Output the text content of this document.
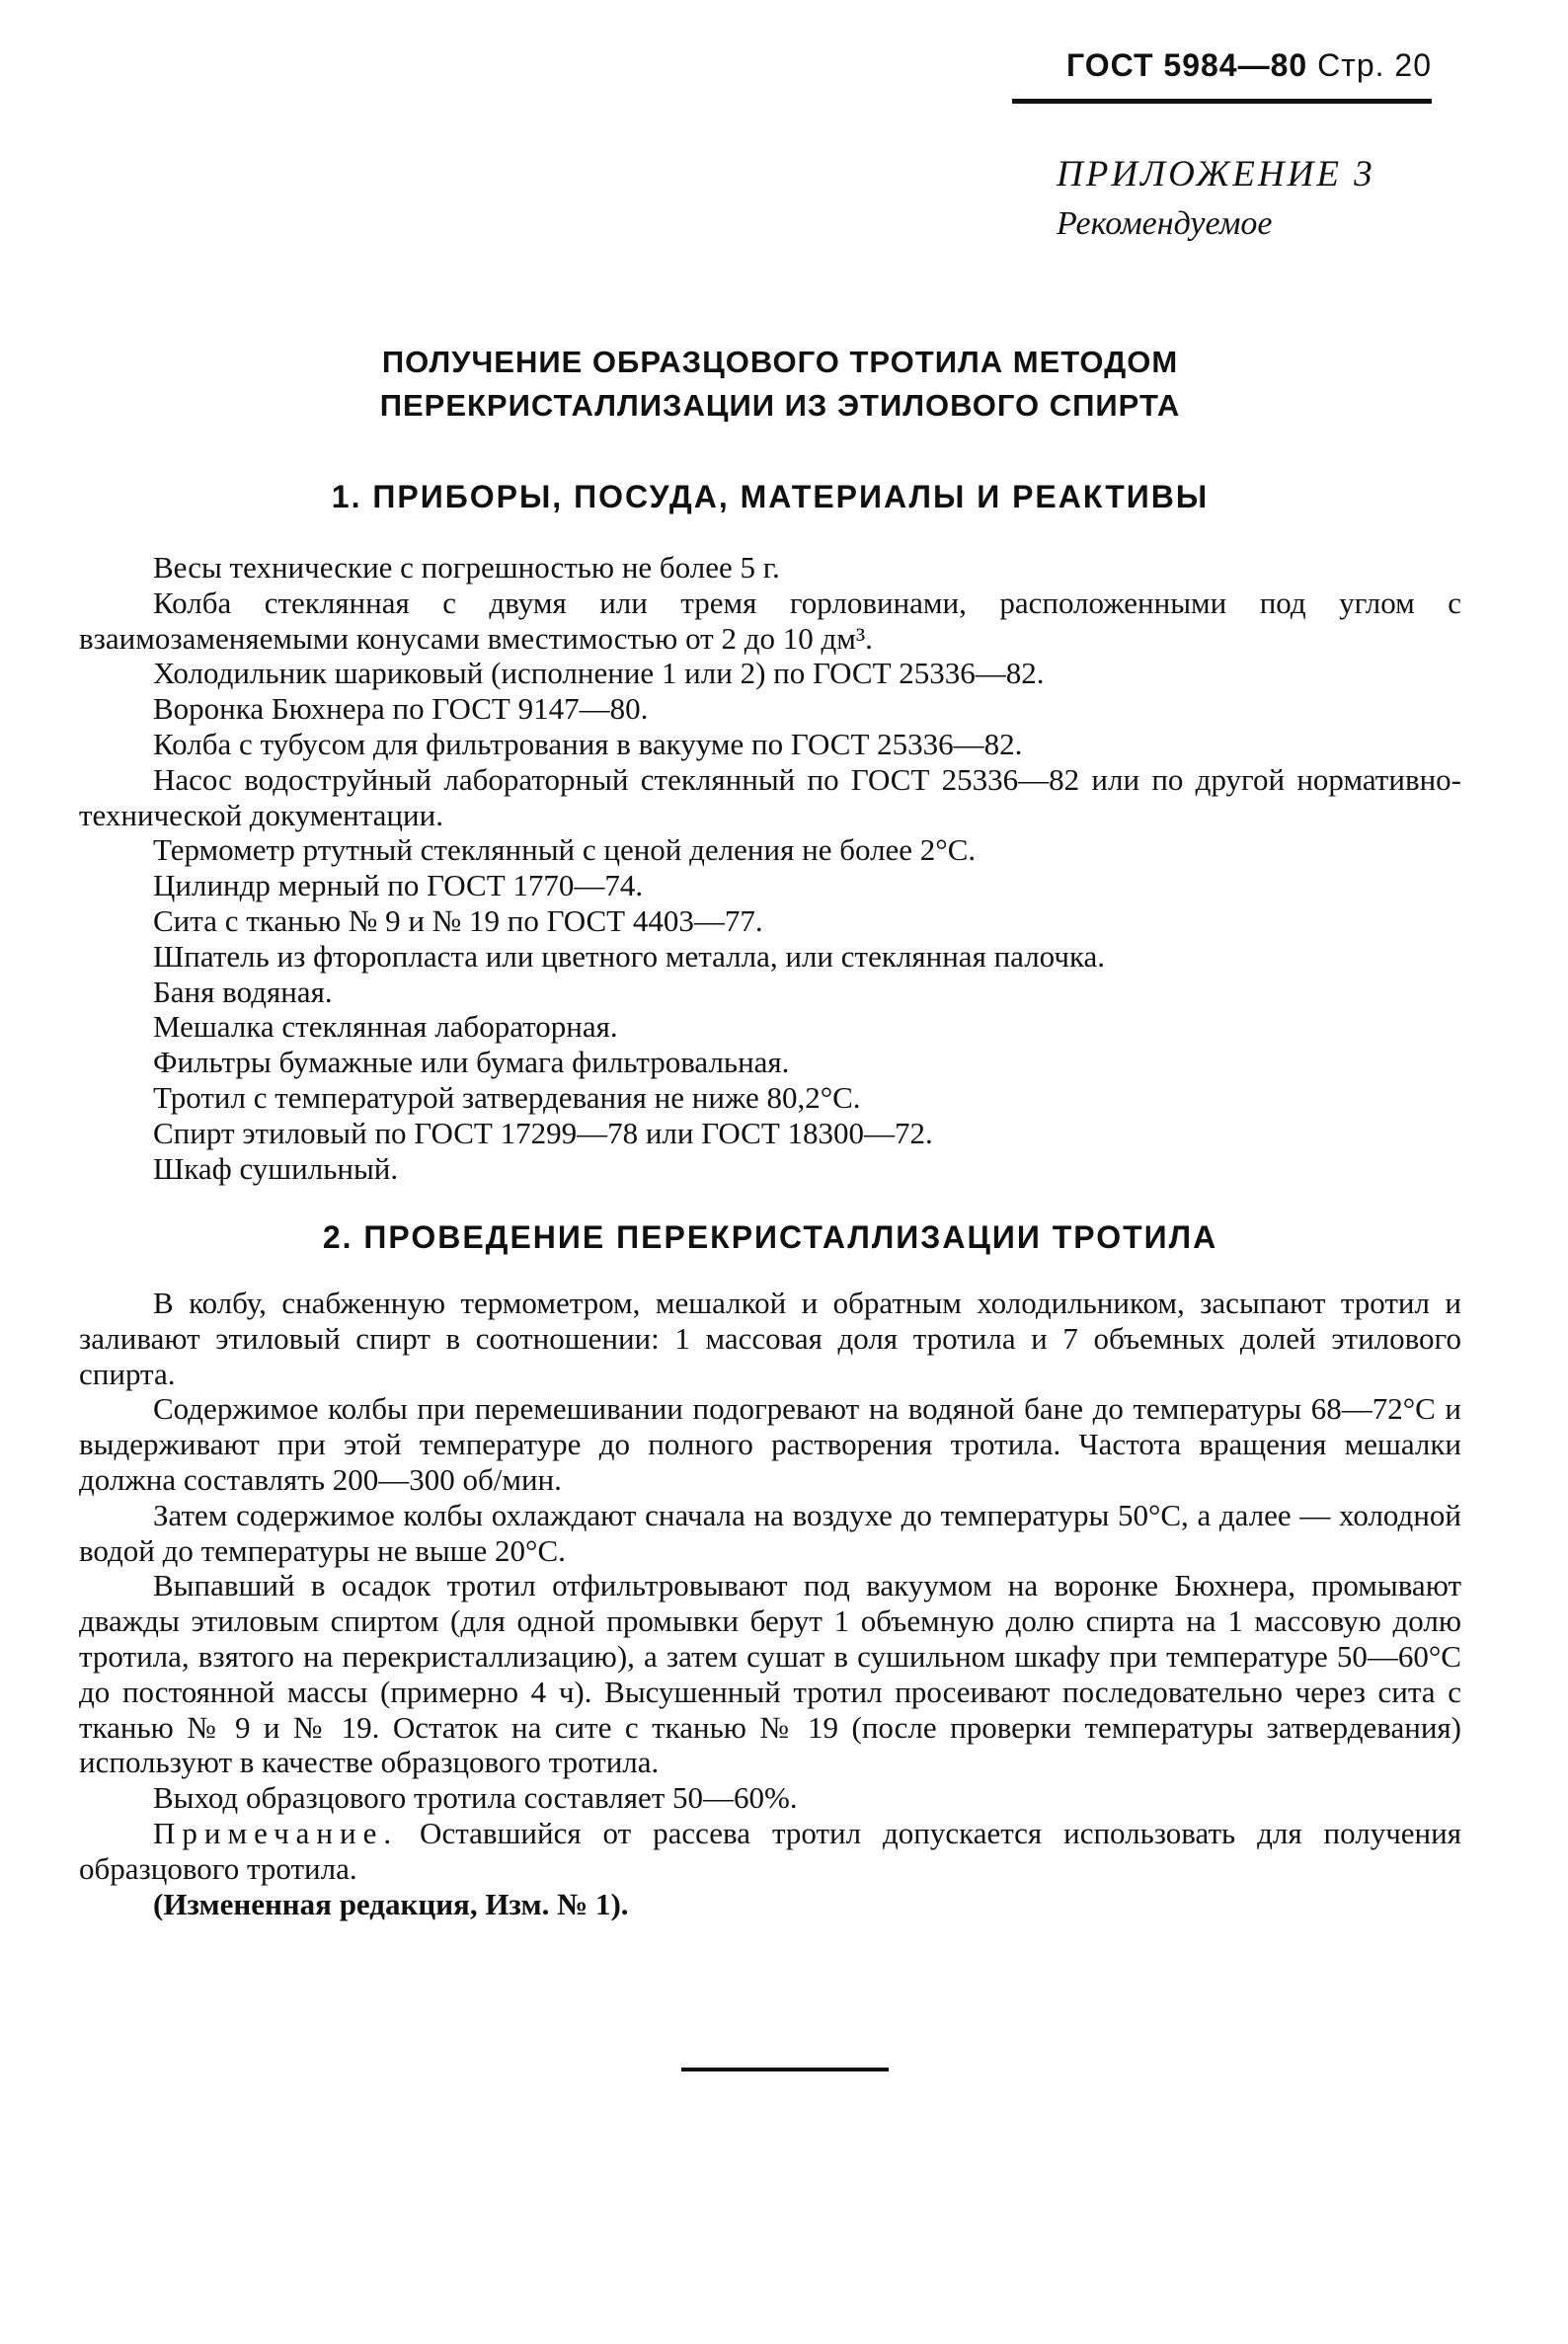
ГОСТ 5984—80 Стр. 20
ПРИЛОЖЕНИЕ 3
Рекомендуемое
ПОЛУЧЕНИЕ ОБРАЗЦОВОГО ТРОТИЛА МЕТОДОМ
ПЕРЕКРИСТАЛЛИЗАЦИИ ИЗ ЭТИЛОВОГО СПИРТА
1. ПРИБОРЫ, ПОСУДА, МАТЕРИАЛЫ И РЕАКТИВЫ

Весы технические с погрешностью не более 5 г.

Колба стеклянная с двумя или тремя горловинами, расположенными под углом с взаимозаменяемыми конусами вместимостью от 2 до 10 дм³.

Холодильник шариковый (исполнение 1 или 2) по ГОСТ 25336—82.

Воронка Бюхнера по ГОСТ 9147—80.

Колба с тубусом для фильтрования в вакууме по ГОСТ 25336—82.

Насос водоструйный лабораторный стеклянный по ГОСТ 25336—82 или по другой нормативно-технической документации.

Термометр ртутный стеклянный с ценой деления не более 2°С.

Цилиндр мерный по ГОСТ 1770—74.

Сита с тканью № 9 и № 19 по ГОСТ 4403—77.

Шпатель из фторопласта или цветного металла, или стеклянная палочка.

Баня водяная.

Мешалка стеклянная лабораторная.

Фильтры бумажные или бумага фильтровальная.

Тротил с температурой затвердевания не ниже 80,2°С.

Спирт этиловый по ГОСТ 17299—78 или ГОСТ 18300—72.

Шкаф сушильный.

2. ПРОВЕДЕНИЕ ПЕРЕКРИСТАЛЛИЗАЦИИ ТРОТИЛА

В колбу, снабженную термометром, мешалкой и обратным холодильником, засыпают тротил и заливают этиловый спирт в соотношении: 1 массовая доля тротила и 7 объемных долей этилового спирта.

Содержимое колбы при перемешивании подогревают на водяной бане до температуры 68—72°С и выдерживают при этой температуре до полного растворения тротила. Частота вращения мешалки должна составлять 200—300 об/мин.

Затем содержимое колбы охлаждают сначала на воздухе до температуры 50°С, а далее — холодной водой до температуры не выше 20°С.

Выпавший в осадок тротил отфильтровывают под вакуумом на воронке Бюхнера, промывают дважды этиловым спиртом (для одной промывки берут 1 объемную долю спирта на 1 массовую долю тротила, взятого на перекристаллизацию), а затем сушат в сушильном шкафу при температуре 50—60°С до постоянной массы (примерно 4 ч). Высушенный тротил просеивают последовательно через сита с тканью № 9 и № 19. Остаток на сите с тканью № 19 (после проверки температуры затвердевания) используют в качестве образцового тротила.

Выход образцового тротила составляет 50—60%.

Примечание. Оставшийся от рассева тротил допускается использовать для получения образцового тротила.

(Измененная редакция, Изм. № 1).
